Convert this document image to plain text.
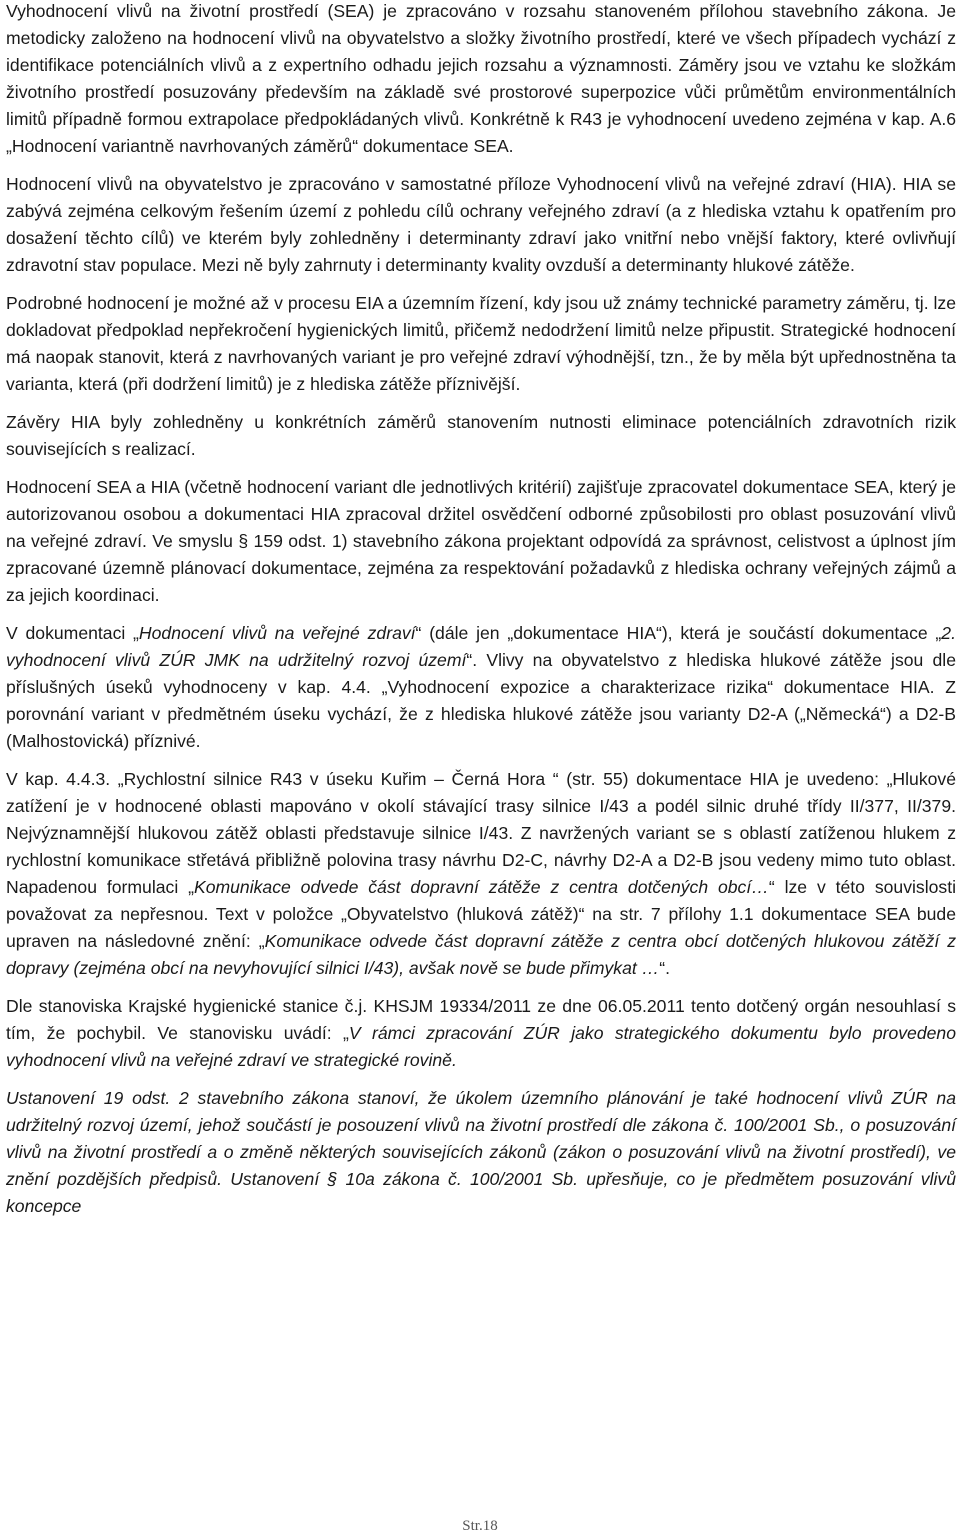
Vyhodnocení vlivů na životní prostředí (SEA) je zpracováno v rozsahu stanoveném přílohou stavebního zákona. Je metodicky založeno na hodnocení vlivů na obyvatelstvo a složky životního prostředí, které ve všech případech vychází z identifikace potenciálních vlivů a z expertního odhadu jejich rozsahu a významnosti. Záměry jsou ve vztahu ke složkám životního prostředí posuzovány především na základě své prostorové superpozice vůči průmětům environmentálních limitů případně formou extrapolace předpokládaných vlivů. Konkrétně k R43 je vyhodnocení uvedeno zejména v kap. A.6 „Hodnocení variantně navrhovaných záměrů“ dokumentace SEA.

Hodnocení vlivů na obyvatelstvo je zpracováno v samostatné příloze Vyhodnocení vlivů na veřejné zdraví (HIA). HIA se zabývá zejména celkovým řešením území z pohledu cílů ochrany veřejného zdraví (a z hlediska vztahu k opatřením pro dosažení těchto cílů) ve kterém byly zohledněny i determinanty zdraví jako vnitřní nebo vnější faktory, které ovlivňují zdravotní stav populace. Mezi ně byly zahrnuty i determinanty kvality ovzduší a determinanty hlukové zátěže.

Podrobné hodnocení je možné až v procesu EIA a územním řízení, kdy jsou už známy technické parametry záměru, tj. lze dokladovat předpoklad nepřekročení hygienických limitů, přičemž nedodržení limitů nelze připustit. Strategické hodnocení má naopak stanovit, která z navrhovaných variant je pro veřejné zdraví výhodnější, tzn., že by měla být upřednostněna ta varianta, která (při dodržení limitů) je z hlediska zátěže příznivější.

Závěry HIA byly zohledněny u konkrétních záměrů stanovením nutnosti eliminace potenciálních zdravotních rizik souvisejících s realizací.

Hodnocení SEA a HIA (včetně hodnocení variant dle jednotlivých kritérií) zajišťuje zpracovatel dokumentace SEA, který je autorizovanou osobou a dokumentaci HIA zpracoval držitel osvědčení odborné způsobilosti pro oblast posuzování vlivů na veřejné zdraví. Ve smyslu § 159 odst. 1) stavebního zákona projektant odpovídá za správnost, celistvost a úplnost jím zpracované územně plánovací dokumentace, zejména za respektování požadavků z hlediska ochrany veřejných zájmů a za jejich koordinaci.

V dokumentaci „Hodnocení vlivů na veřejné zdraví“ (dále jen „dokumentace HIA“), která je součástí dokumentace „2. vyhodnocení vlivů ZÚR JMK na udržitelný rozvoj území“. Vlivy na obyvatelstvo z hlediska hlukové zátěže jsou dle příslušných úseků vyhodnoceny v kap. 4.4. „Vyhodnocení expozice a charakterizace rizika“ dokumentace HIA. Z porovnání variant v předmětném úseku vychází, že z hlediska hlukové zátěže jsou varianty D2-A („Německá“) a D2-B (Malhostovická) příznivé.

V kap. 4.4.3. „Rychlostní silnice R43 v úseku Kuřim – Černá Hora “ (str. 55) dokumentace HIA je uvedeno: „Hlukové zatížení je v hodnocené oblasti mapováno v okolí stávající trasy silnice I/43 a podél silnic druhé třídy II/377, II/379. Nejvýznamnější hlukovou zátěž oblasti představuje silnice I/43. Z navržených variant se s oblastí zatíženou hlukem z rychlostní komunikace střetává přibližně polovina trasy návrhu D2-C, návrhy D2-A a D2-B jsou vedeny mimo tuto oblast. Napadenou formulaci „Komunikace odvede část dopravní zátěže z centra dotčených obcí…“ lze v této souvislosti považovat za nepřesnou. Text v položce „Obyvatelstvo (hluková zátěž)“ na str. 7 přílohy 1.1 dokumentace SEA bude upraven na následovné znění: „Komunikace odvede část dopravní zátěže z centra obcí dotčených hlukovou zátěží z dopravy (zejména obcí na nevyhovující silnici I/43), avšak nově se bude přimykat …“.

Dle stanoviska Krajské hygienické stanice č.j. KHSJM 19334/2011 ze dne 06.05.2011 tento dotčený orgán nesouhlasí s tím, že pochybil. Ve stanovisku uvádí: „V rámci zpracování ZÚR jako strategického dokumentu bylo provedeno vyhodnocení vlivů na veřejné zdraví ve strategické rovině.

Ustanovení 19 odst. 2 stavebního zákona stanoví, že úkolem územního plánování je také hodnocení vlivů ZÚR na udržitelný rozvoj území, jehož součástí je posouzení vlivů na životní prostředí dle zákona č. 100/2001 Sb., o posuzování vlivů na životní prostředí a o změně některých souvisejících zákonů (zákon o posuzování vlivů na životní prostředí), ve znění pozdějších předpisů. Ustanovení § 10a zákona č. 100/2001 Sb. upřesňuje, co je předmětem posuzování vlivů koncepce

Str.18
